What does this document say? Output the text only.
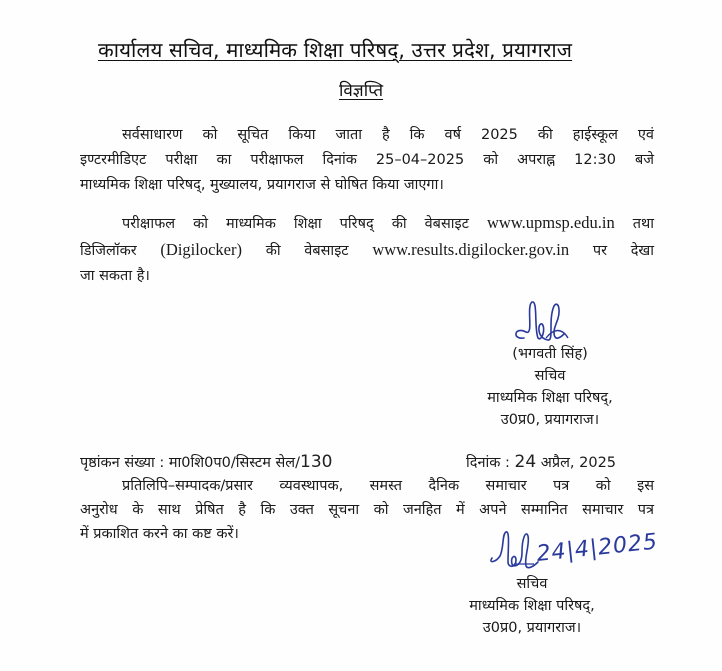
कार्यालय सचिव, माध्यमिक शिक्षा परिषद्, उत्तर प्रदेश, प्रयागराज
विज्ञप्ति
सर्वसाधारण को सूचित किया जाता है कि वर्ष 2025 की हाईस्कूल एवं
इण्टरमीडिएट परीक्षा का परीक्षाफल दिनांक 25–04–2025 को अपराह्न 12:30 बजे
माध्यमिक शिक्षा परिषद्, मुख्यालय, प्रयागराज से घोषित किया जाएगा।
परीक्षाफल को माध्यमिक शिक्षा परिषद् की वेबसाइट www.upmsp.edu.in तथा
डिजिलॉकर (Digilocker) की वेबसाइट www.results.digilocker.gov.in पर देखा
जा सकता है।
(भगवती सिंह)
सचिव
माध्यमिक शिक्षा परिषद्,
उ0प्र0, प्रयागराज।
पृष्ठांकन संख्या : मा0शि0प0/सिस्टम सेल/130	दिनांक : 24 अप्रैल, 2025
प्रतिलिपि–सम्पादक/प्रसार व्यवस्थापक, समस्त दैनिक समाचार पत्र को इस
अनुरोध के साथ प्रेषित है कि उक्त सूचना को जनहित में अपने सम्मानित समाचार पत्र
में प्रकाशित करने का कष्ट करें।	24|4|2025
सचिव
माध्यमिक शिक्षा परिषद्,
उ0प्र0, प्रयागराज।
